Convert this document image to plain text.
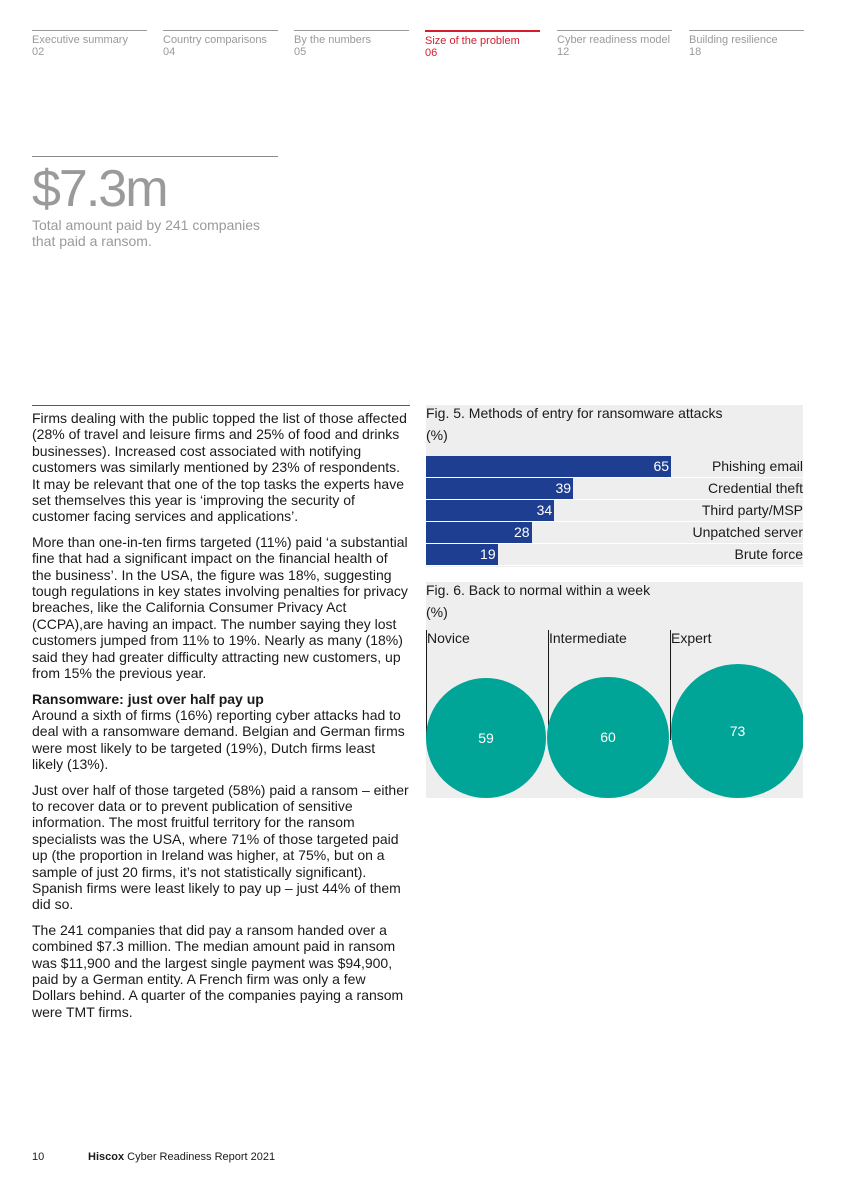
Executive summary
02
Country comparisons
04
By the numbers
05
Size of the problem
06
Cyber readiness model
12
Building resilience
18
$7.3m
Total amount paid by 241 companies
that paid a ransom.

Firms dealing with the public topped the list of those affected (28% of travel and leisure firms and 25% of food and drinks businesses). Increased cost associated with notifying customers was similarly mentioned by 23% of respondents. It may be relevant that one of the top tasks the experts have set themselves this year is ‘improving the security of customer facing services and applications’.

More than one-in-ten firms targeted (11%) paid ‘a substantial fine that had a significant impact on the financial health of the business’. In the USA, the figure was 18%, suggesting tough regulations in key states involving penalties for privacy breaches, like the California Consumer Privacy Act (CCPA),are having an impact. The number saying they lost customers jumped from 11% to 19%. Nearly as many (18%) said they had greater difficulty attracting new customers, up from 15% the previous year.

Ransomware: just over half pay up
Around a sixth of firms (16%) reporting cyber attacks had to deal with a ransomware demand. Belgian and German firms were most likely to be targeted (19%), Dutch firms least likely (13%).

Just over half of those targeted (58%) paid a ransom – either to recover data or to prevent publication of sensitive information. The most fruitful territory for the ransom specialists was the USA, where 71% of those targeted paid up (the proportion in Ireland was higher, at 75%, but on a sample of just 20 firms, it’s not statistically significant). Spanish firms were least likely to pay up – just 44% of them did so.

The 241 companies that did pay a ransom handed over a combined $7.3 million. The median amount paid in ransom was $11,900 and the largest single payment was $94,900, paid by a German entity. A French firm was only a few Dollars behind. A quarter of the companies paying a ransom were TMT firms.

Fig. 5. Methods of entry for ransomware attacks
(%)
65	Phishing email
39	Credential theft
34	Third party/MSP
28	Unpatched server
19	Brute force
Fig. 6. Back to normal within a week
(%)
Novice
59
Intermediate
60
Expert
73
10	Hiscox Cyber Readiness Report 2021
